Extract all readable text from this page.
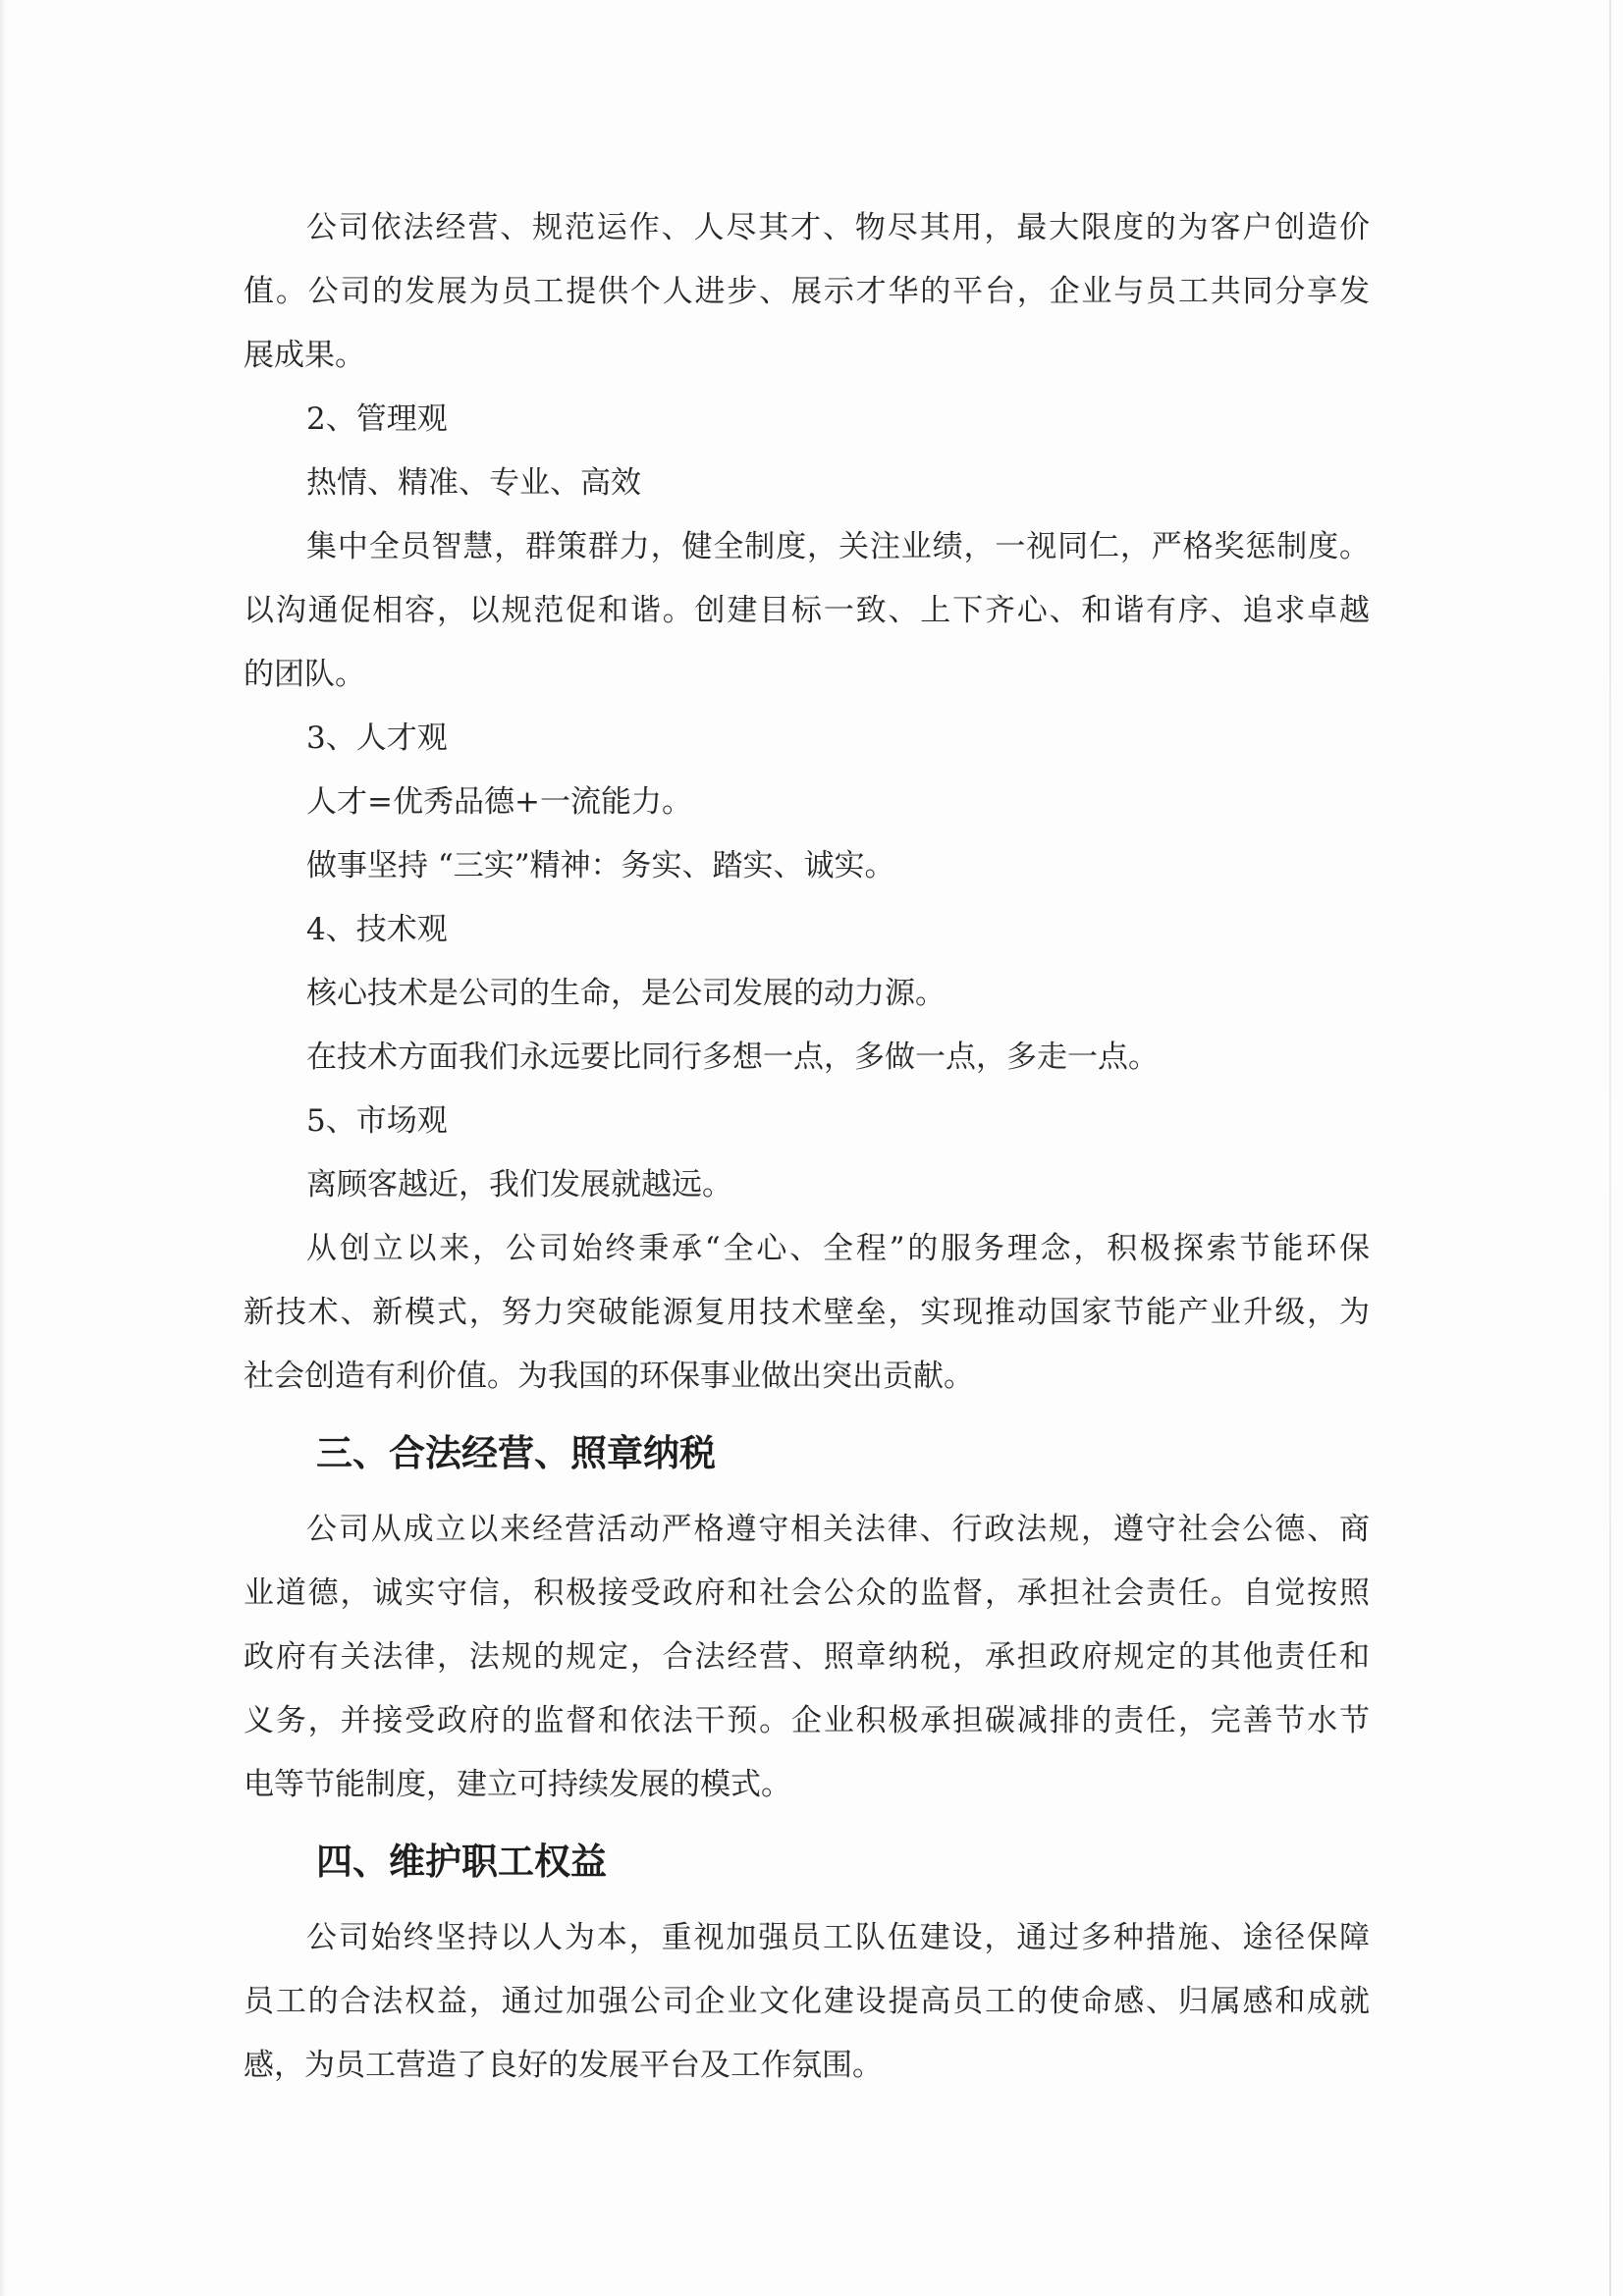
公司依法经营、规范运作、人尽其才、物尽其用，最大限度的为客户创造价
值。公司的发展为员工提供个人进步、展示才华的平台，企业与员工共同分享发
展成果。
2、管理观
热情、精准、专业、高效
集中全员智慧，群策群力，健全制度，关注业绩，一视同仁，严格奖惩制度。
以沟通促相容，以规范促和谐。创建目标一致、上下齐心、和谐有序、追求卓越
的团队。
3、人才观
人才=优秀品德+一流能力。
做事坚持 “三实”精神：务实、踏实、诚实。
4、技术观
核心技术是公司的生命，是公司发展的动力源。
在技术方面我们永远要比同行多想一点，多做一点，多走一点。
5、市场观
离顾客越近，我们发展就越远。
从创立以来，公司始终秉承“全心、全程”的服务理念，积极探索节能环保
新技术、新模式，努力突破能源复用技术壁垒，实现推动国家节能产业升级，为
社会创造有利价值。为我国的环保事业做出突出贡献。
三、合法经营、照章纳税
公司从成立以来经营活动严格遵守相关法律、行政法规，遵守社会公德、商
业道德，诚实守信，积极接受政府和社会公众的监督，承担社会责任。自觉按照
政府有关法律，法规的规定，合法经营、照章纳税，承担政府规定的其他责任和
义务，并接受政府的监督和依法干预。企业积极承担碳减排的责任，完善节水节
电等节能制度，建立可持续发展的模式。
四、维护职工权益
公司始终坚持以人为本，重视加强员工队伍建设，通过多种措施、途径保障
员工的合法权益，通过加强公司企业文化建设提高员工的使命感、归属感和成就
感，为员工营造了良好的发展平台及工作氛围。
